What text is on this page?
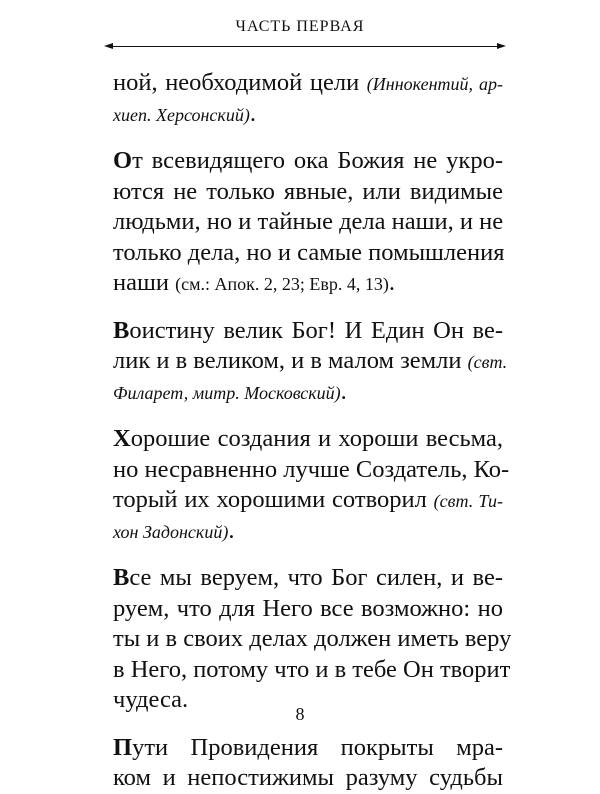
ЧАСТЬ ПЕРВАЯ
ной, необходимой цели (Иннокентий, ар-
хиеп. Херсонский).
От всевидящего ока Божия не укро-
ются не только явные, или видимые
людьми, но и тайные дела наши, и не
только дела, но и самые помышления
наши (см.: Апок. 2, 23; Евр. 4, 13).
Воистину велик Бог! И Един Он ве-
лик и в великом, и в малом земли (свт.
Филарет, митр. Московский).
Хорошие создания и хороши весьма,
но несравненно лучше Создатель, Ко-
торый их хорошими сотворил (свт. Ти-
хон Задонский).
Все мы веруем, что Бог силен, и ве-
руем, что для Него все возможно: но
ты и в своих делах должен иметь веру
в Него, потому что и в тебе Он творит
чудеса.
Пути Провидения покрыты мра-
ком и непостижимы разуму судьбы
8
